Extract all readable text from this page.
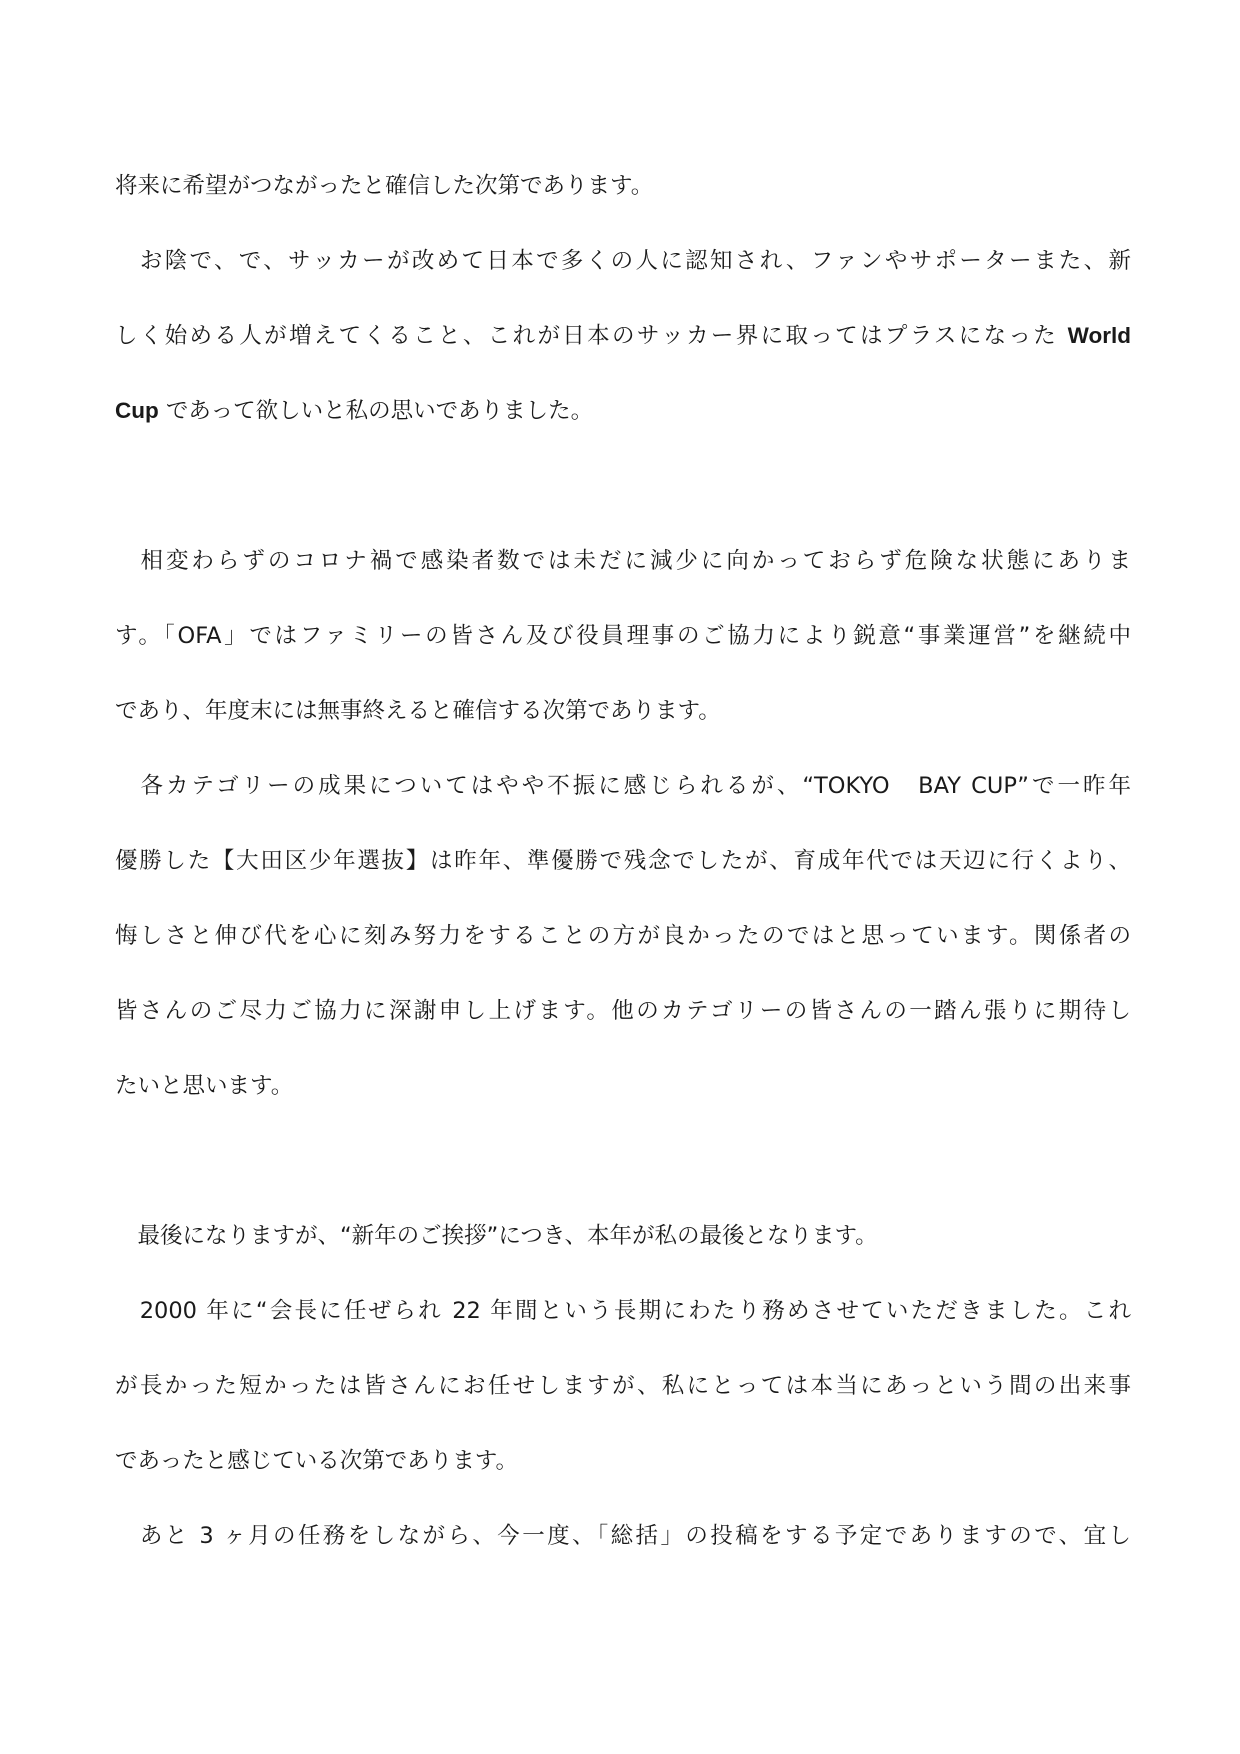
将来に希望がつながったと確信した次第であります。
　お陰で、で、サッカーが改めて日本で多くの人に認知され、ファンやサポーターまた、新
しく始める人が増えてくること、これが日本のサッカー界に取ってはプラスになった World
Cup であって欲しいと私の思いでありました。
　相変わらずのコロナ禍で感染者数では未だに減少に向かっておらず危険な状態にありま
す。「OFA」ではファミリーの皆さん及び役員理事のご協力により鋭意“事業運営”を継続中
であり、年度末には無事終えると確信する次第であります。
　各カテゴリーの成果についてはやや不振に感じられるが、“TOKYO　BAY CUP”で一昨年
優勝した【大田区少年選抜】は昨年、準優勝で残念でしたが、育成年代では天辺に行くより、
悔しさと伸び代を心に刻み努力をすることの方が良かったのではと思っています。関係者の
皆さんのご尽力ご協力に深謝申し上げます。他のカテゴリーの皆さんの一踏ん張りに期待し
たいと思います。
　最後になりますが、“新年のご挨拶”につき、本年が私の最後となります。
　2000 年に“会長に任ぜられ 22 年間という長期にわたり務めさせていただきました。これ
が長かった短かったは皆さんにお任せしますが、私にとっては本当にあっという間の出来事
であったと感じている次第であります。
　あと 3 ヶ月の任務をしながら、今一度、「総括」の投稿をする予定でありますので、宜し
